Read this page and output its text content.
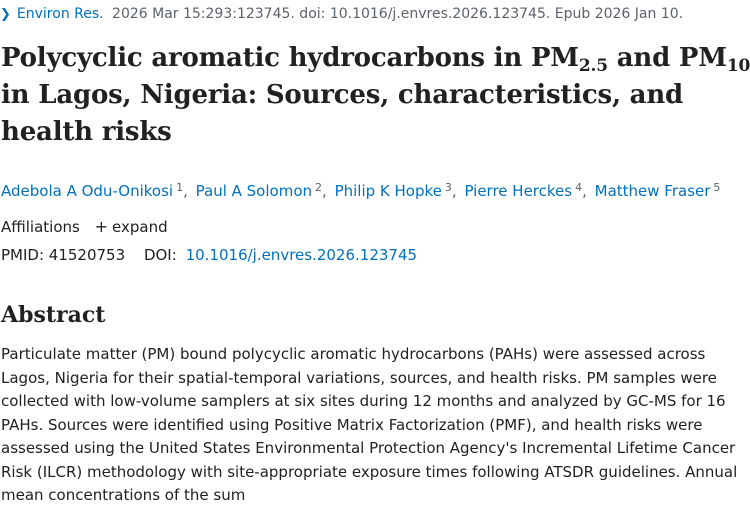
❯ Environ Res. 2026 Mar 15:293:123745. doi: 10.1016/j.envres.2026.123745. Epub 2026 Jan 10.
Polycyclic aromatic hydrocarbons in $PM_{2.5}$ and $PM_{10}$ in Lagos, Nigeria: Sources, characteristics, and health risks
Adebola A Odu-Onikosi $^1$, Paul A Solomon $^2$, Philip K Hopke $^3$, Pierre Herckes $^4$, Matthew Fraser $^5$
Affiliations + expand
PMID: 41520753 DOI: 10.1016/j.envres.2026.123745
Abstract

Particulate matter (PM) bound polycyclic aromatic hydrocarbons (PAHs) were assessed across Lagos, Nigeria for their spatial-temporal variations, sources, and health risks. PM samples were collected with low-volume samplers at six sites during 12 months and analyzed by GC-MS for 16 PAHs. Sources were identified using Positive Matrix Factorization (PMF), and health risks were assessed using the United States Environmental Protection Agency's Incremental Lifetime Cancer Risk (ILCR) methodology with site-appropriate exposure times following ATSDR guidelines. Annual mean concentrations of the sum
